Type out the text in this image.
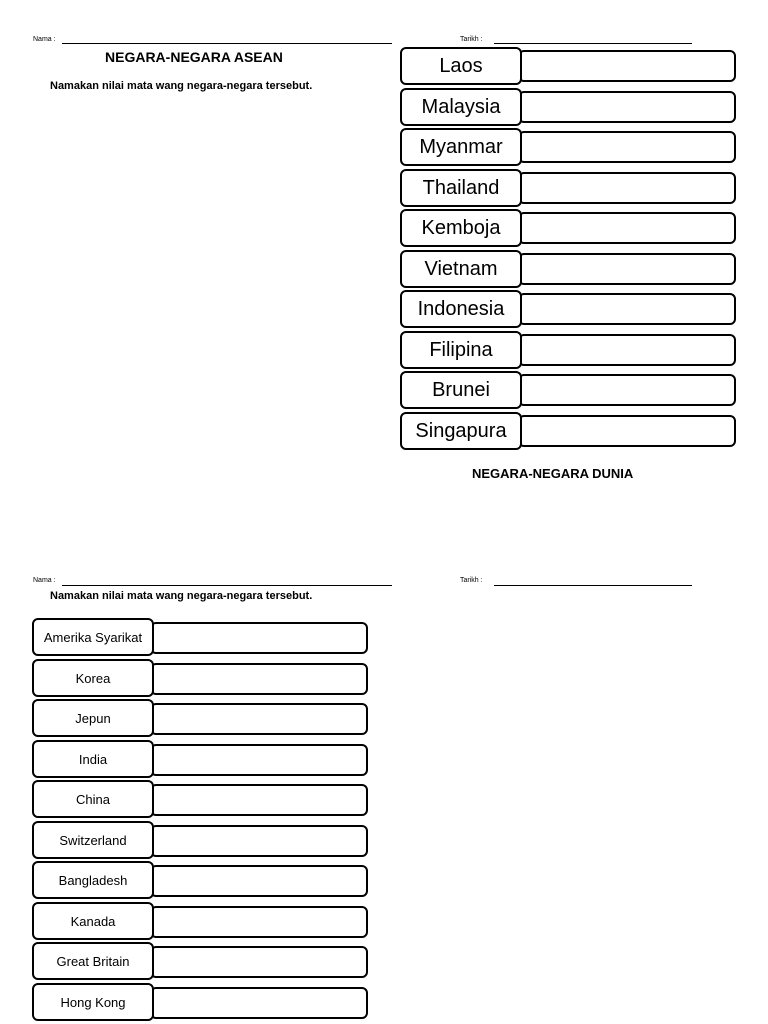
Nama :	Tarikh :
NEGARA-NEGARA ASEAN
Namakan nilai mata wang negara-negara tersebut.
Laos
Malaysia
Myanmar
Thailand
Kemboja
Vietnam
Indonesia
Filipina
Brunei
Singapura
NEGARA-NEGARA DUNIA
Nama :	Tarikh :
Namakan nilai mata wang negara-negara tersebut.
Amerika Syarikat
Korea
Jepun
India
China
Switzerland
Bangladesh
Kanada
Great Britain
Hong Kong
